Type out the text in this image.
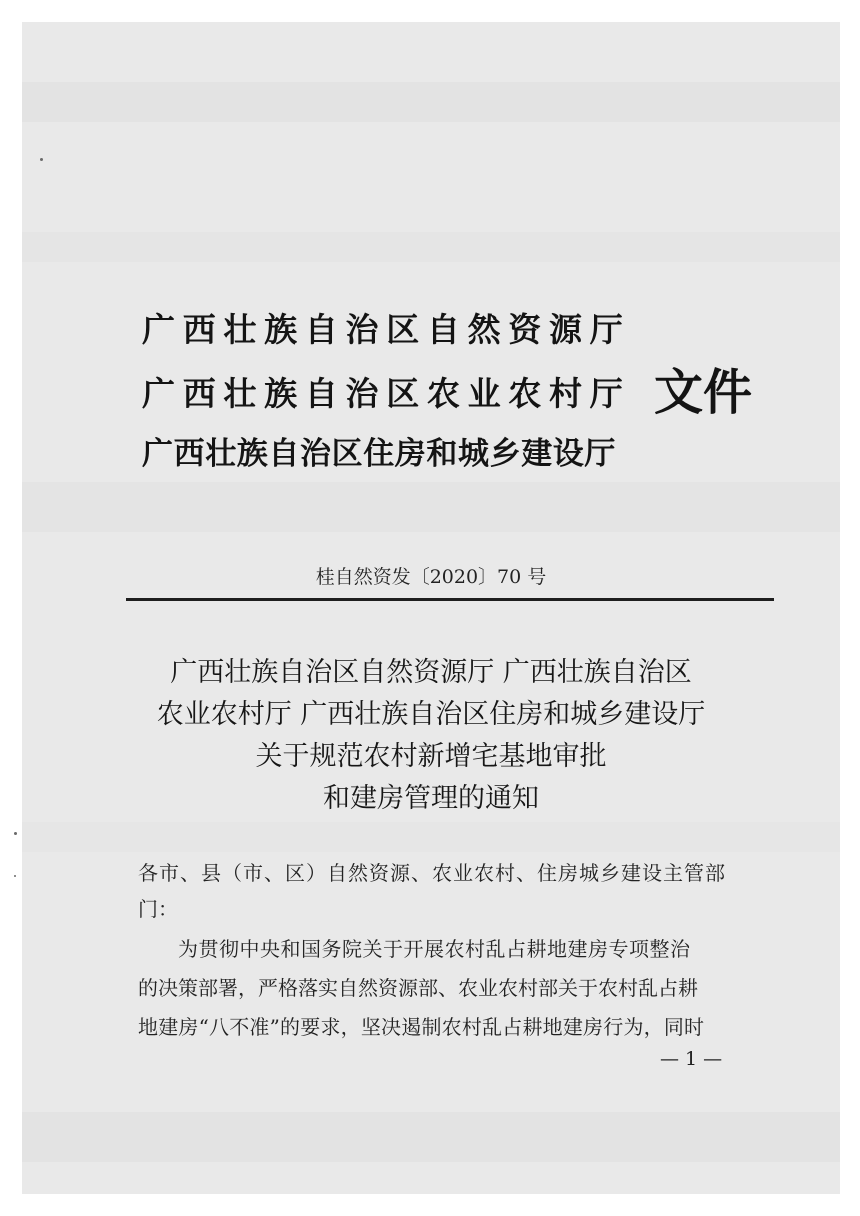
广西壮族自治区自然资源厅
广西壮族自治区农业农村厅
广西壮族自治区住房和城乡建设厅
文件
桂自然资发〔2020〕70 号
广西壮族自治区自然资源厅 广西壮族自治区
农业农村厅 广西壮族自治区住房和城乡建设厅
关于规范农村新增宅基地审批
和建房管理的通知
各市、县（市、区）自然资源、农业农村、住房城乡建设主管部
门：
为贯彻中央和国务院关于开展农村乱占耕地建房专项整治
的决策部署，严格落实自然资源部、农业农村部关于农村乱占耕
地建房“八不准”的要求，坚决遏制农村乱占耕地建房行为，同时
— 1 —
